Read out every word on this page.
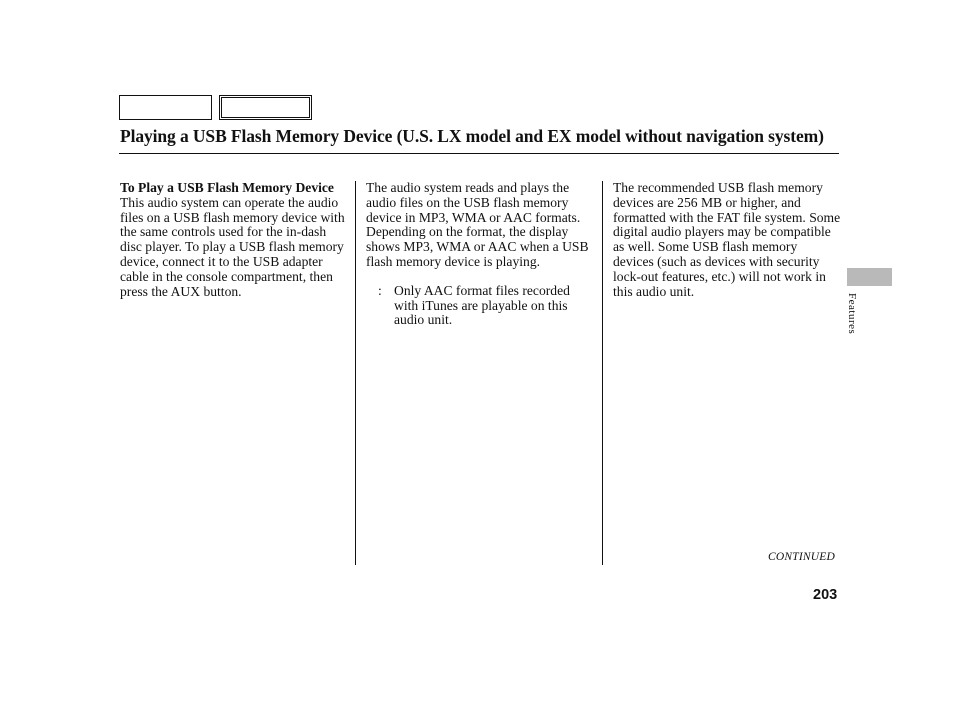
Playing a USB Flash Memory Device (U.S. LX model and EX model without navigation system)

To Play a USB Flash Memory Device

This audio system can operate the audio files on a USB flash memory device with the same controls used for the in-dash disc player. To play a USB flash memory device, connect it to the USB adapter cable in the console compartment, then press the AUX button.

The audio system reads and plays the audio files on the USB flash memory device in MP3, WMA or AAC formats. Depending on the format, the display shows MP3, WMA or AAC when a USB flash memory device is playing.

: Only AAC format files recorded with iTunes are playable on this audio unit.

The recommended USB flash memory devices are 256 MB or higher, and formatted with the FAT file system. Some digital audio players may be compatible as well. Some USB flash memory devices (such as devices with security lock-out features, etc.) will not work in this audio unit.

Features
CONTINUED
203
